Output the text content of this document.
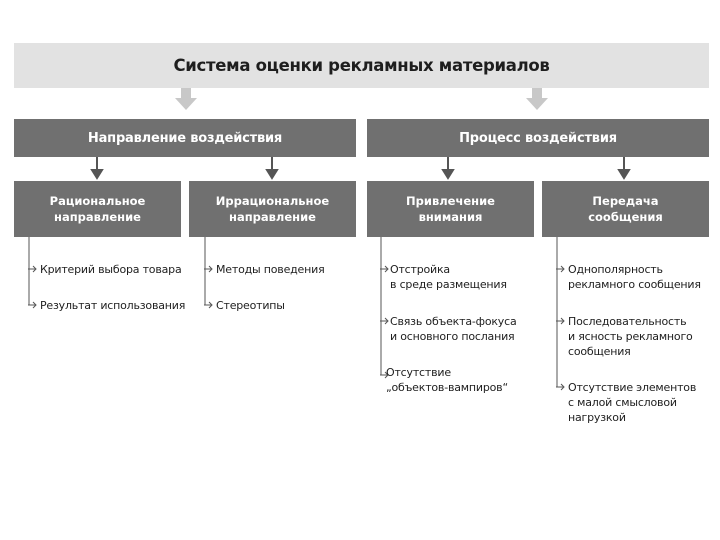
Система оценки рекламных материалов
Направление воздействия	Процесс воздействия
Рациональное
направление
Иррациональное
направление
Привлечение
внимания
Передача
сообщения
Критерий выбора товара
Результат использования
Методы поведения
Стереотипы
Отстройка
в среде размещения
Связь объекта-фокуса
и основного послания
Отсутствие
„объектов-вампиров“
Однополярность
рекламного сообщения
Последовательность
и ясность рекламного
сообщения
Отсутствие элементов
с малой смысловой
нагрузкой
